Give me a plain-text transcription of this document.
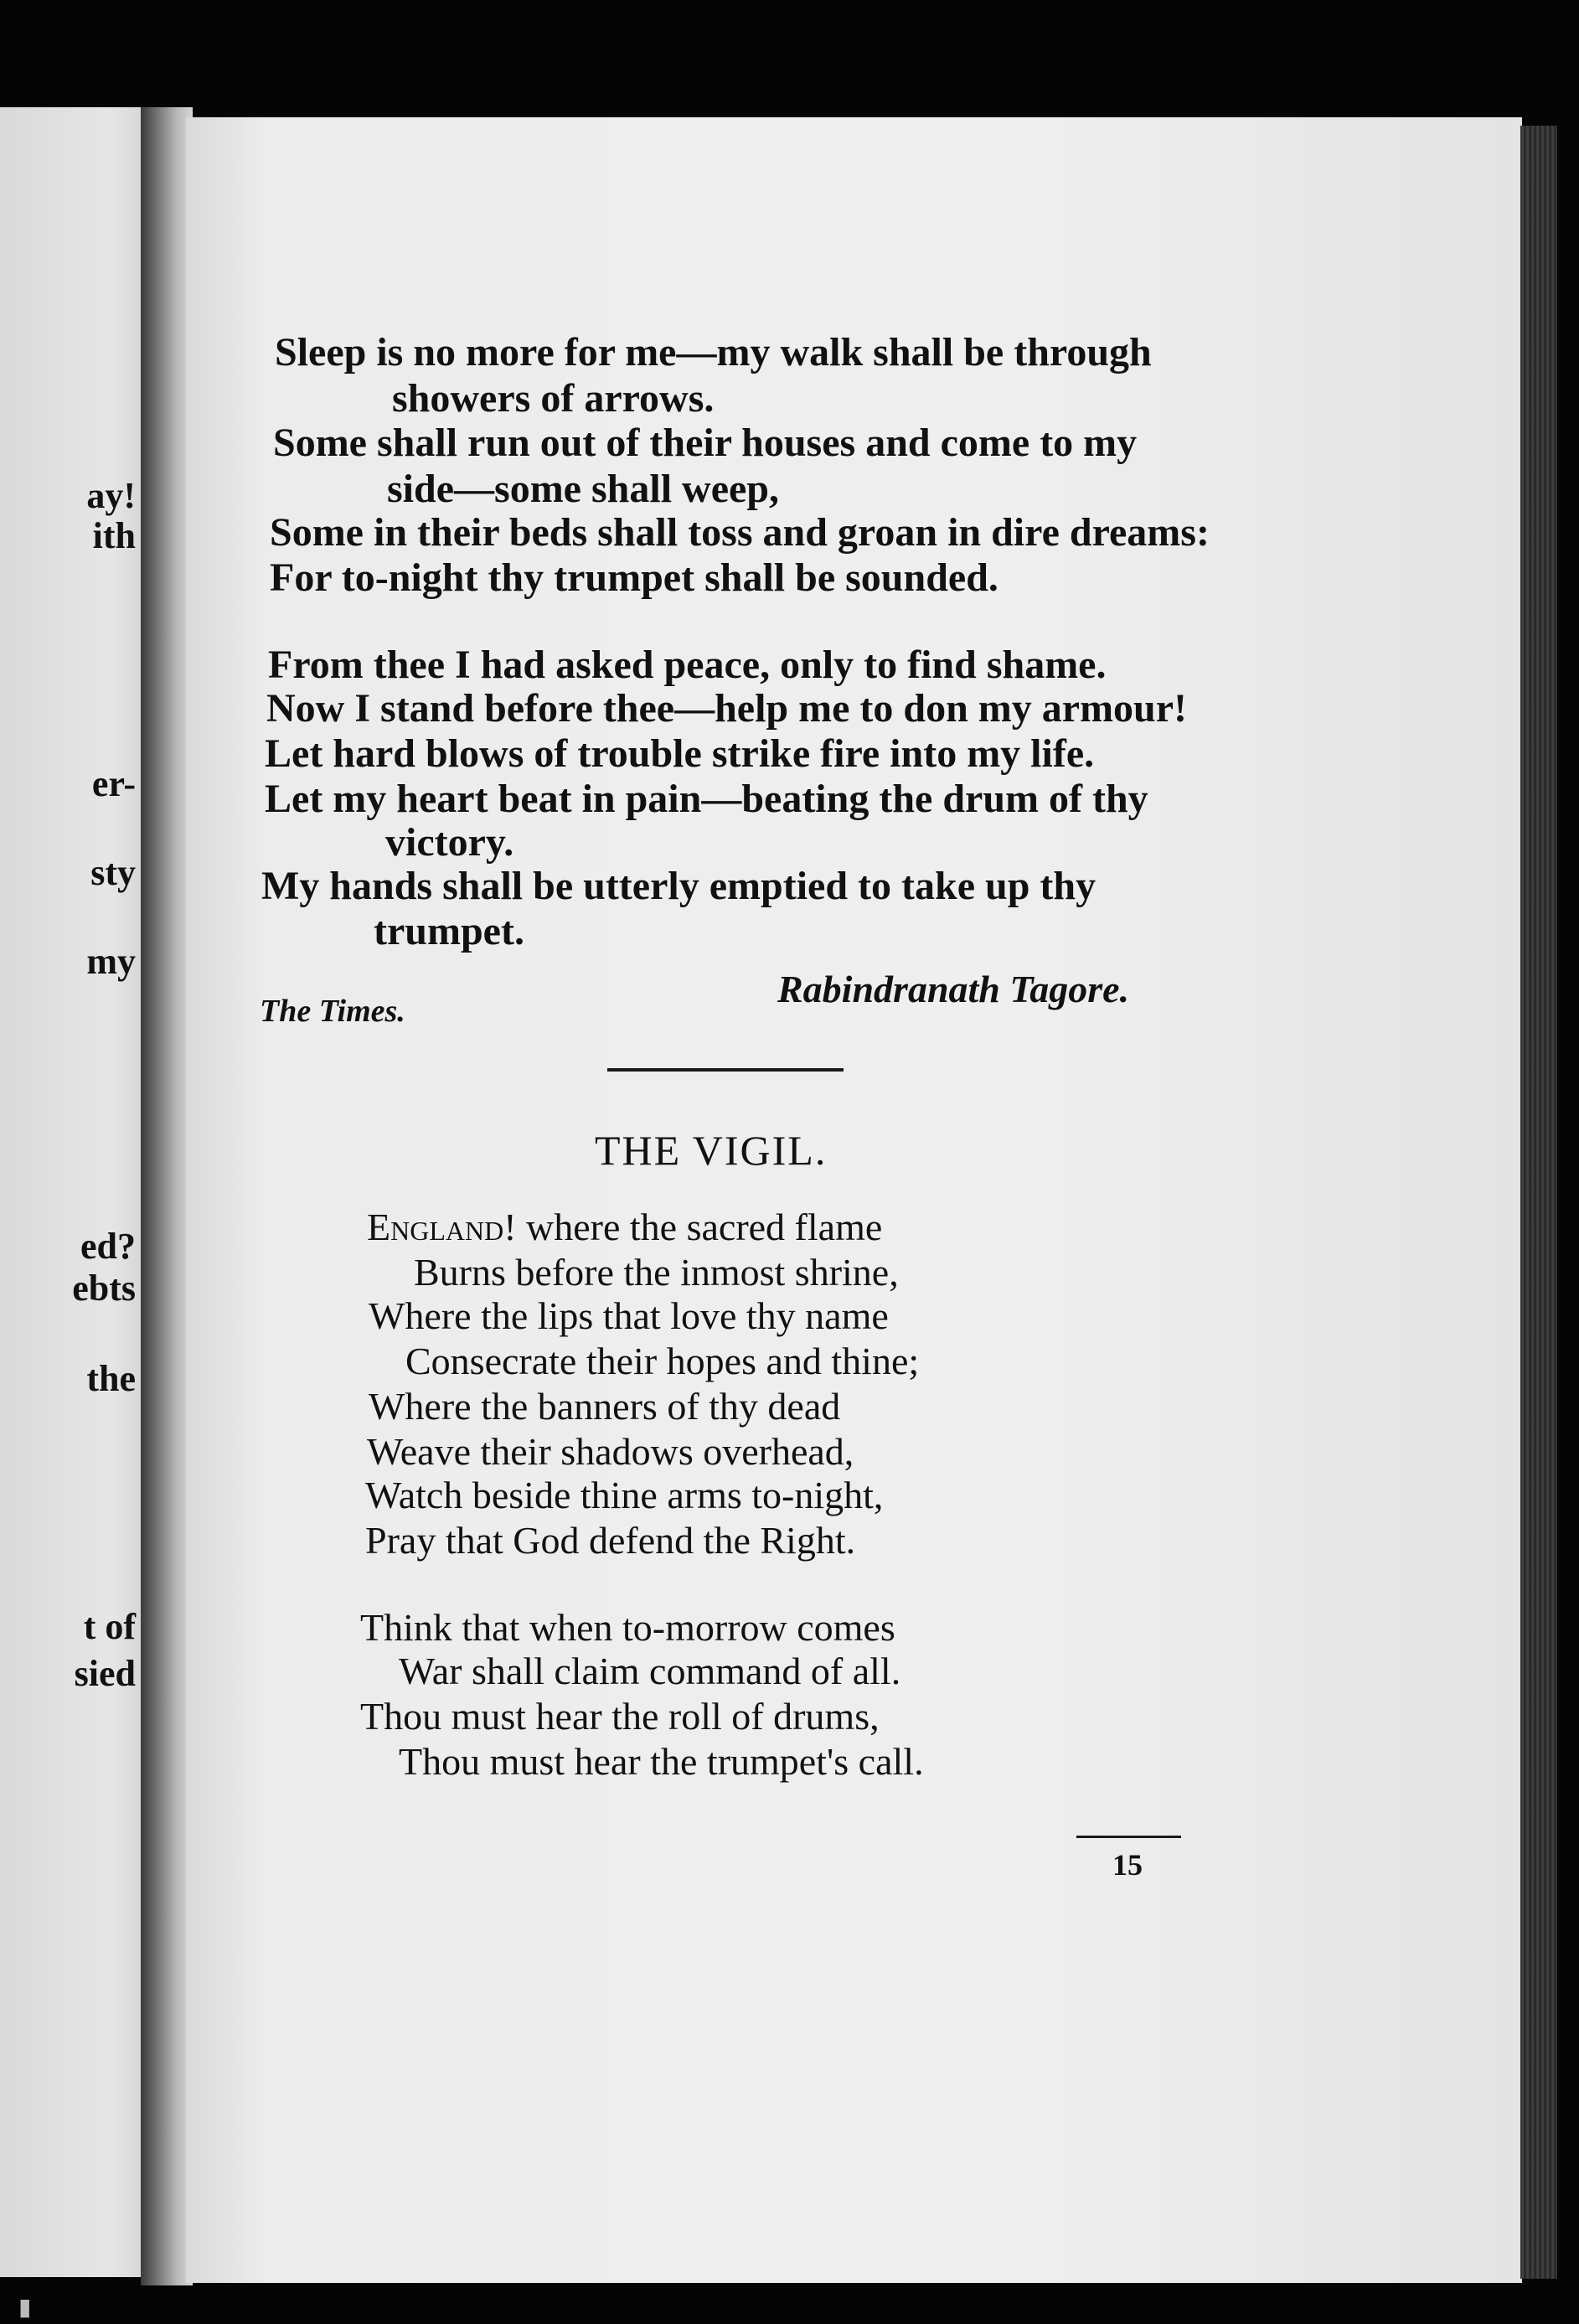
ay!
ith
er-
sty
my
ed?
ebts
the
t of
sied
Sleep is no more for me—my walk shall be through
showers of arrows.
Some shall run out of their houses and come to my
side—some shall weep,
Some in their beds shall toss and groan in dire dreams:
For to-night thy trumpet shall be sounded.
From thee I had asked peace, only to find shame.
Now I stand before thee—help me to don my armour!
Let hard blows of trouble strike fire into my life.
Let my heart beat in pain—beating the drum of thy
victory.
My hands shall be utterly emptied to take up thy
trumpet.
Rabindranath Tagore.
The Times.
THE VIGIL.
England! where the sacred flame
Burns before the inmost shrine,
Where the lips that love thy name
Consecrate their hopes and thine;
Where the banners of thy dead
Weave their shadows overhead,
Watch beside thine arms to-night,
Pray that God defend the Right.
Think that when to-morrow comes
War shall claim command of all.
Thou must hear the roll of drums,
Thou must hear the trumpet's call.
15
▮
